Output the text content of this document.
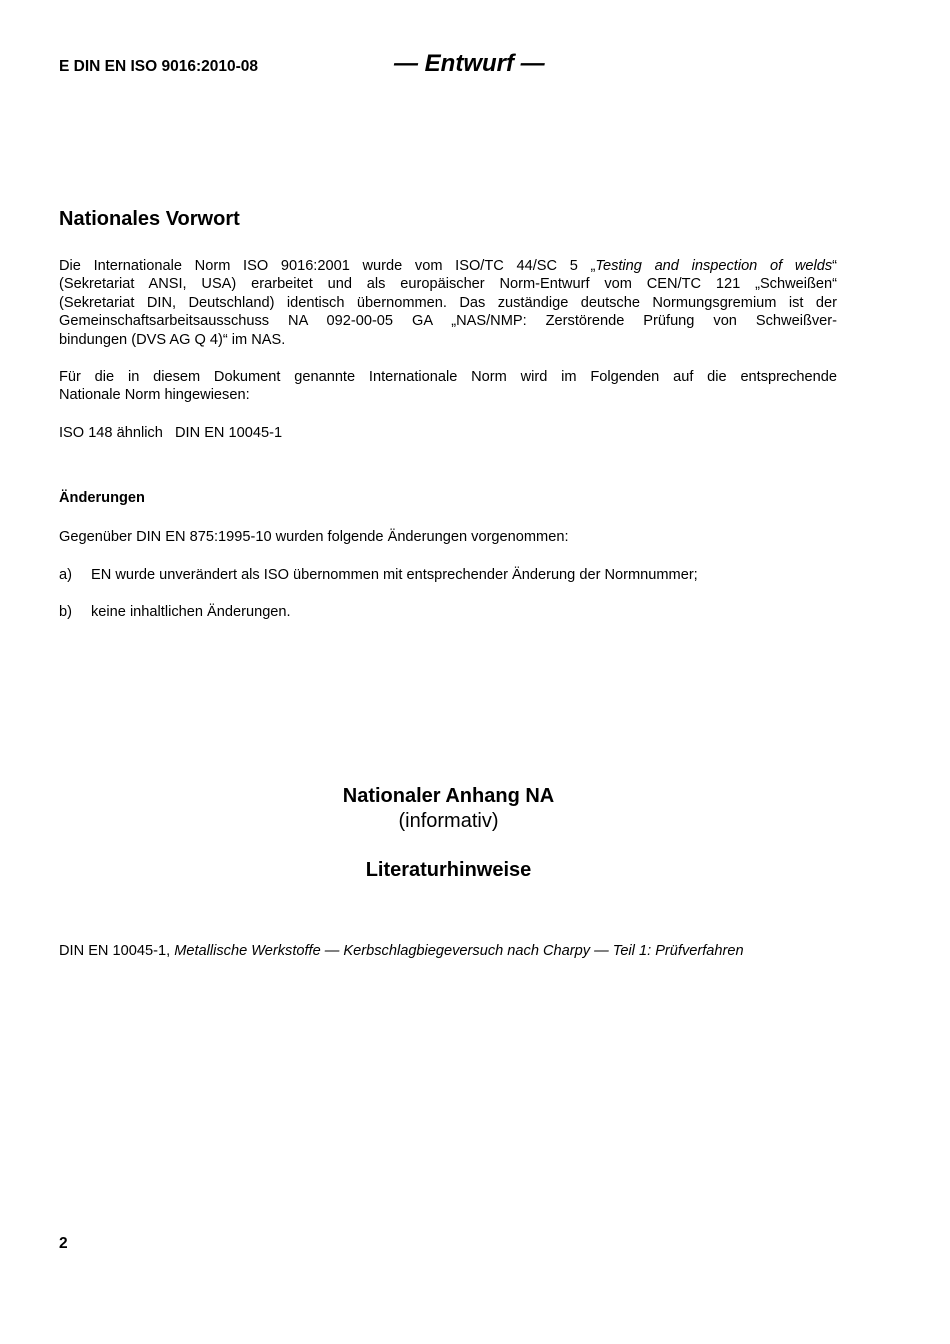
E DIN EN ISO 9016:2010-08	— Entwurf —
Nationales Vorwort
Die Internationale Norm ISO 9016:2001 wurde vom ISO/TC 44/SC 5 „Testing and inspection of welds“
(Sekretariat ANSI, USA) erarbeitet und als europäischer Norm-Entwurf vom CEN/TC 121 „Schweißen“
(Sekretariat DIN, Deutschland) identisch übernommen. Das zuständige deutsche Normungsgremium ist der
Gemeinschaftsarbeitsausschuss NA 092-00-05 GA „NAS/NMP: Zerstörende Prüfung von Schweißver-
bindungen (DVS AG Q 4)“ im NAS.
Für die in diesem Dokument genannte Internationale Norm wird im Folgenden auf die entsprechende
Nationale Norm hingewiesen:
ISO 148 ähnlich   DIN EN 10045-1
Änderungen
Gegenüber DIN EN 875:1995-10 wurden folgende Änderungen vorgenommen:
a) EN wurde unverändert als ISO übernommen mit entsprechender Änderung der Normnummer;
b) keine inhaltlichen Änderungen.
Nationaler Anhang NA
(informativ)
Literaturhinweise
DIN EN 10045-1, Metallische Werkstoffe — Kerbschlagbiegeversuch nach Charpy — Teil 1: Prüfverfahren
2
